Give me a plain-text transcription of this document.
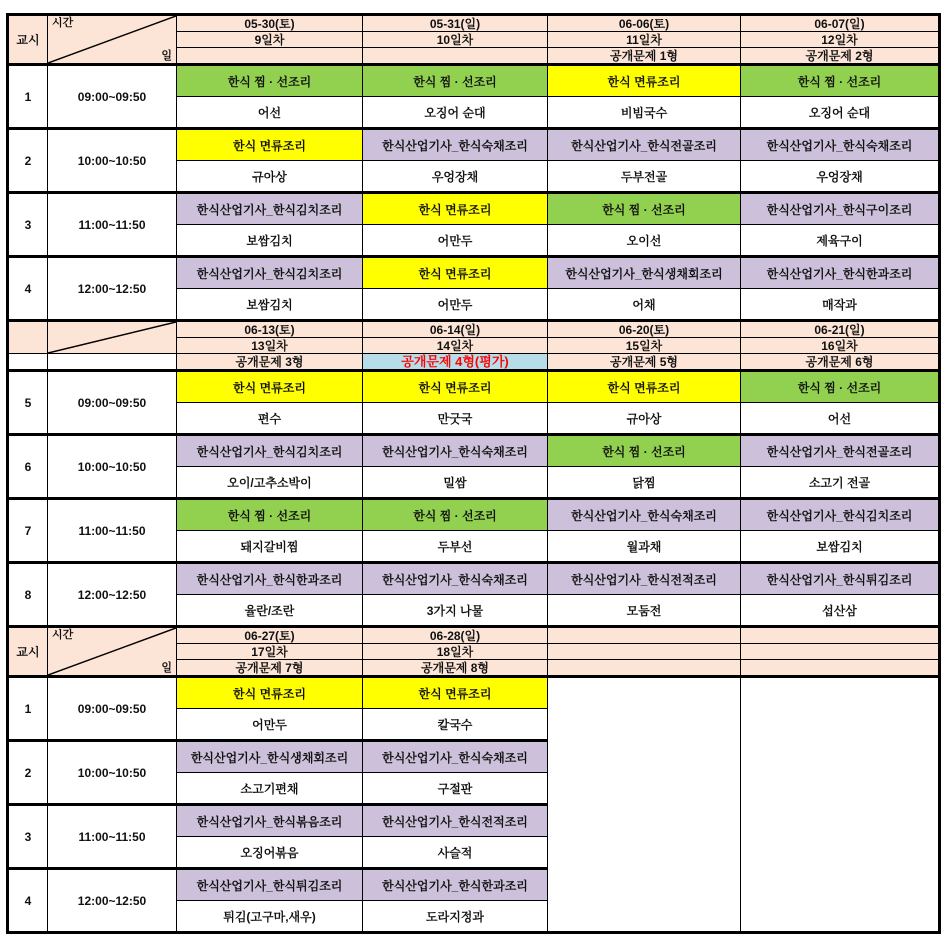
교시	시간
일	05-30(토)	05-31(일)	06-06(토)	06-07(일)
		9일차	10일차	11일차	12일차
				공개문제 1형	공개문제 2형
1	09:00~09:50	한식 찜 · 선조리	한식 찜 · 선조리	한식 면류조리	한식 찜 · 선조리
		어선	오징어 순대	비빔국수	오징어 순대
2	10:00~10:50	한식 면류조리	한식산업기사_한식숙채조리	한식산업기사_한식전골조리	한식산업기사_한식숙채조리
		규아상	우엉장채	두부전골	우엉장채
3	11:00~11:50	한식산업기사_한식김치조리	한식 면류조리	한식 찜 · 선조리	한식산업기사_한식구이조리
		보쌈김치	어만두	오이선	제육구이
4	12:00~12:50	한식산업기사_한식김치조리	한식 면류조리	한식산업기사_한식생채회조리	한식산업기사_한식한과조리
		보쌈김치	어만두	어채	매작과

	06-13(토)	06-14(일)	06-20(토)	06-21(일)
		13일차	14일차	15일차	16일차
		공개문제 3형	공개문제 4형(평가)	공개문제 5형	공개문제 6형
5	09:00~09:50	한식 면류조리	한식 면류조리	한식 면류조리	한식 찜 · 선조리
		편수	만굿국	규아상	어선
6	10:00~10:50	한식산업기사_한식김치조리	한식산업기사_한식숙채조리	한식 찜 · 선조리	한식산업기사_한식전골조리
		오이/고추소박이	밀쌈	닭찜	소고기 전골
7	11:00~11:50	한식 찜 · 선조리	한식 찜 · 선조리	한식산업기사_한식숙채조리	한식산업기사_한식김치조리
		돼지갈비찜	두부선	월과채	보쌈김치
8	12:00~12:50	한식산업기사_한식한과조리	한식산업기사_한식숙채조리	한식산업기사_한식전적조리	한식산업기사_한식튀김조리
		율란/조란	3가지 나물	모둠전	섭산삼
교시	시간
일	06-27(토)	06-28(일)		
		17일차	18일차		
		공개문제 7형	공개문제 8형		
1	09:00~09:50	한식 면류조리	한식 면류조리		
		어만두	칼국수		
2	10:00~10:50	한식산업기사_한식생채회조리	한식산업기사_한식숙채조리		
		소고기편채	구절판		
3	11:00~11:50	한식산업기사_한식볶음조리	한식산업기사_한식전적조리		
		오징어볶음	사슬적		
4	12:00~12:50	한식산업기사_한식튀김조리	한식산업기사_한식한과조리		
		튀김(고구마,새우)	도라지정과		
